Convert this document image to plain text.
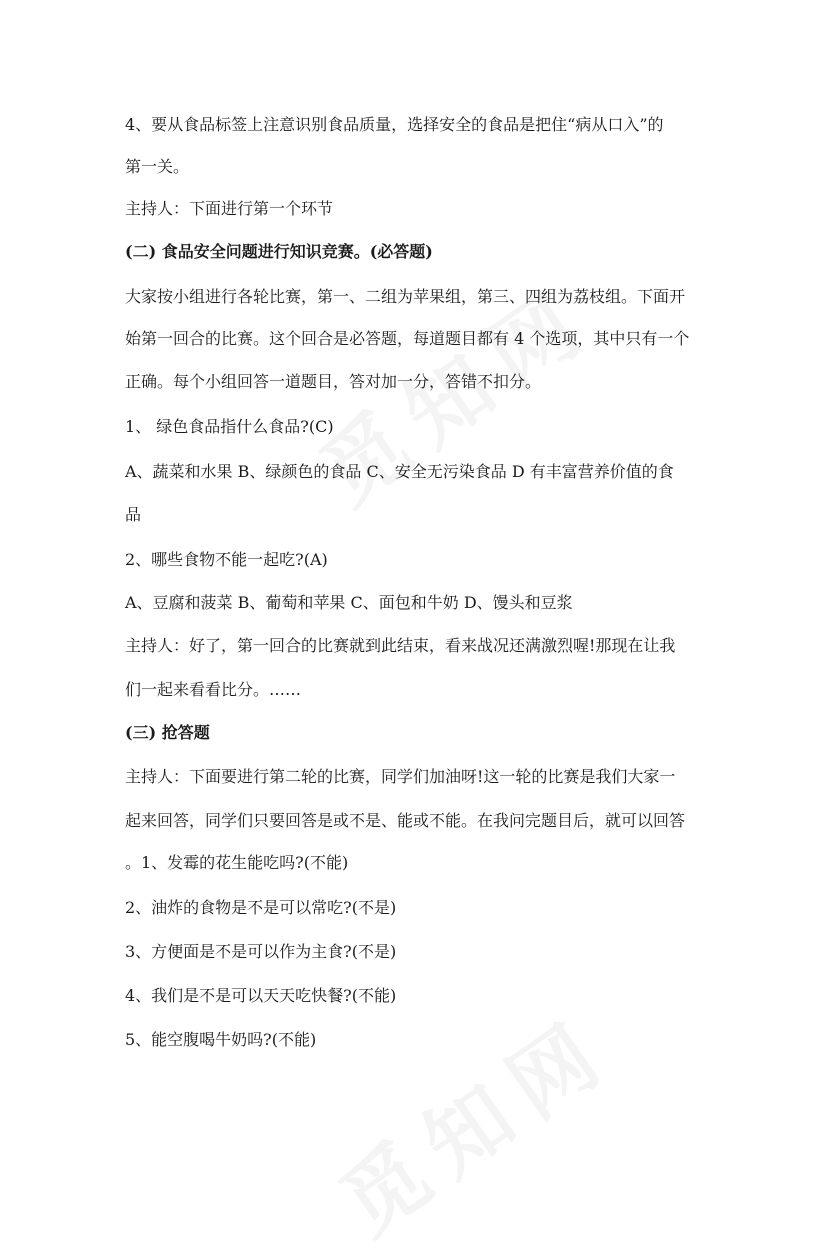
4、要从食品标签上注意识别食品质量，选择安全的食品是把住“病从口入”的
第一关。
主持人：下面进行第一个环节
(二) 食品安全问题进行知识竞赛。(必答题)
大家按小组进行各轮比赛，第一、二组为苹果组，第三、四组为荔枝组。下面开
始第一回合的比赛。这个回合是必答题，每道题目都有 4 个选项，其中只有一个
正确。每个小组回答一道题目，答对加一分，答错不扣分。
1、 绿色食品指什么食品?(C)
A、蔬菜和水果 B、绿颜色的食品 C、安全无污染食品 D 有丰富营养价值的食
品
2、哪些食物不能一起吃?(A)
A、豆腐和菠菜 B、葡萄和苹果 C、面包和牛奶 D、馒头和豆浆
主持人：好了，第一回合的比赛就到此结束，看来战况还满激烈喔!那现在让我
们一起来看看比分。……
(三) 抢答题
主持人：下面要进行第二轮的比赛，同学们加油呀!这一轮的比赛是我们大家一
起来回答，同学们只要回答是或不是、能或不能。在我问完题目后，就可以回答
。1、发霉的花生能吃吗?(不能)
2、油炸的食物是不是可以常吃?(不是)
3、方便面是不是可以作为主食?(不是)
4、我们是不是可以天天吃快餐?(不能)
5、能空腹喝牛奶吗?(不能)
